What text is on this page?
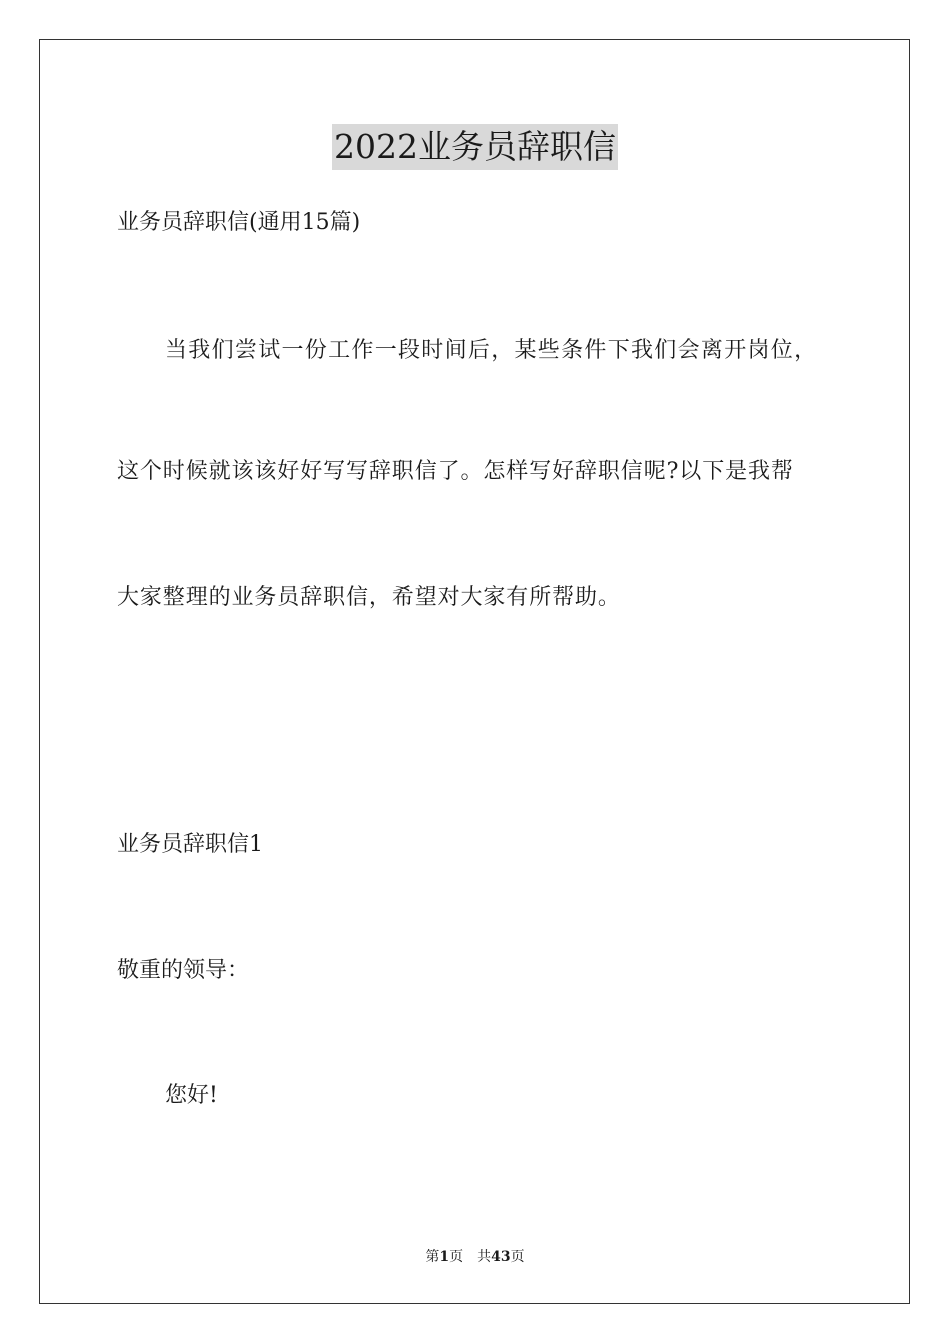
2022业务员辞职信
业务员辞职信(通用15篇)
当我们尝试一份工作一段时间后，某些条件下我们会离开岗位，
这个时候就该该好好写写辞职信了。怎样写好辞职信呢?以下是我帮
大家整理的业务员辞职信，希望对大家有所帮助。
业务员辞职信1
敬重的领导：
您好!
第1页 共43页
